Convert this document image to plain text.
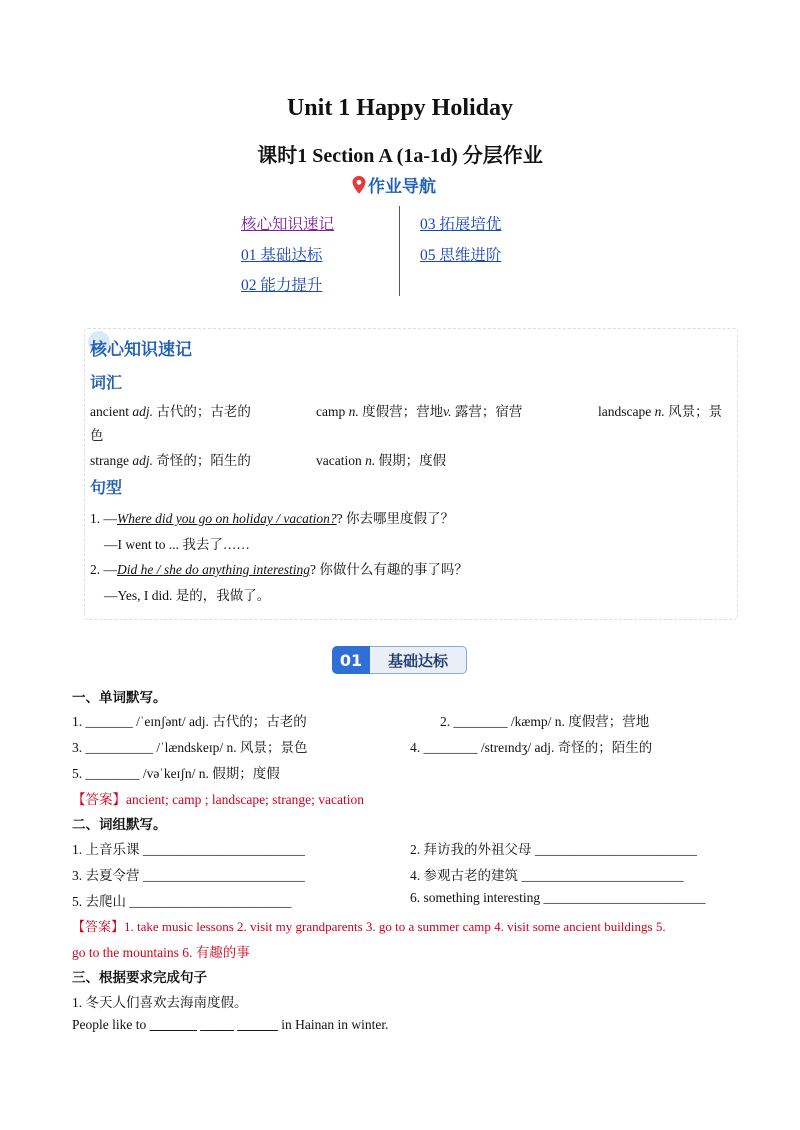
Unit 1 Happy Holiday
课时1 Section A (1a-1d) 分层作业
作业导航
核心知识速记
01 基础达标
02 能力提升
03 拓展培优
05 思维进阶
核心知识速记
词汇
ancient adj. 古代的；古老的	camp n. 度假营；营地v. 露营；宿营	landscape n. 风景；景
色
strange adj. 奇怪的；陌生的	vacation n. 假期；度假
句型
1. —Where did you go on holiday / vacation?? 你去哪里度假了？
—I went to ... 我去了……
2. —Did he / she do anything interesting? 你做什么有趣的事了吗？
—Yes, I did. 是的，我做了。
01	基础达标
一、单词默写。
1. _______ /ˈeɪnʃənt/ adj. 古代的；古老的	2. ________ /kæmp/ n. 度假营；营地
3. __________ /ˈlændskeɪp/ n. 风景；景色	4. ________ /streɪndʒ/ adj. 奇怪的；陌生的
5. ________ /vəˈkeɪʃn/ n. 假期；度假
【答案】ancient; camp ; landscape; strange; vacation
二、词组默写。
1. 上音乐课 ________________________	2. 拜访我的外祖父母 ________________________
3. 去夏令营 ________________________	4. 参观古老的建筑 ________________________
5. 去爬山 ________________________	6. something interesting ________________________
【答案】1. take music lessons 2. visit my grandparents 3. go to a summer camp 4. visit some ancient buildings 5.
go to the mountains 6. 有趣的事
三、根据要求完成句子
1. 冬天人们喜欢去海南度假。
People like to _______ _____ ______ in Hainan in winter.
